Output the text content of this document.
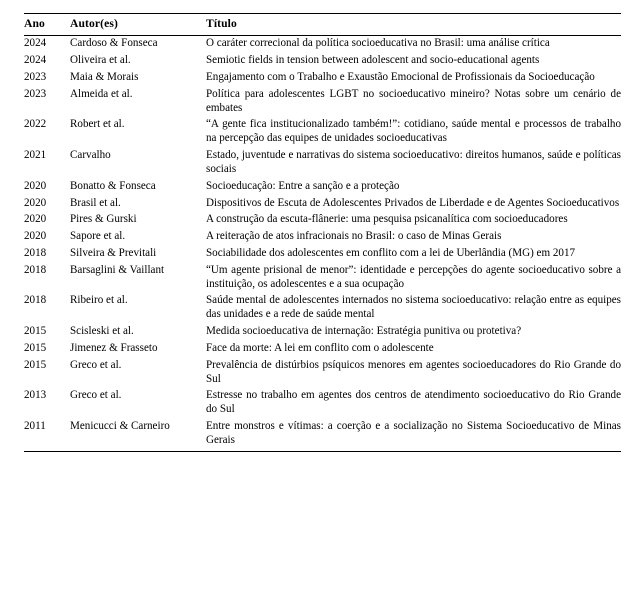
Ano	Autor(es)	Título
2024	Cardoso & Fonseca	O caráter correcional da política socioeducativa no Brasil: uma análise crítica
2024	Oliveira et al.	Semiotic fields in tension between adolescent and socio-educational agents
2023	Maia & Morais	Engajamento com o Trabalho e Exaustão Emocional de Profissionais da Socioeducação
2023	Almeida et al.	Política para adolescentes LGBT no socioeducativo mineiro? Notas sobre um cenário de embates
2022	Robert et al.	“A gente fica institucionalizado também!”: cotidiano, saúde mental e processos de trabalho na percepção das equipes de unidades socioeducativas
2021	Carvalho	Estado, juventude e narrativas do sistema socioeducativo: direitos humanos, saúde e políticas sociais
2020	Bonatto & Fonseca	Socioeducação: Entre a sanção e a proteção
2020	Brasil et al.	Dispositivos de Escuta de Adolescentes Privados de Liberdade e de Agentes Socioeducativos
2020	Pires & Gurski	A construção da escuta-flânerie: uma pesquisa psicanalítica com socioeducadores
2020	Sapore et al.	A reiteração de atos infracionais no Brasil: o caso de Minas Gerais
2018	Silveira & Previtali	Sociabilidade dos adolescentes em conflito com a lei de Uberlândia (MG) em 2017
2018	Barsaglini & Vaillant	“Um agente prisional de menor”: identidade e percepções do agente socioeducativo sobre a instituição, os adolescentes e a sua ocupação
2018	Ribeiro et al.	Saúde mental de adolescentes internados no sistema socioeducativo: relação entre as equipes das unidades e a rede de saúde mental
2015	Scisleski et al.	Medida socioeducativa de internação: Estratégia punitiva ou protetiva?
2015	Jimenez & Frasseto	Face da morte: A lei em conflito com o adolescente
2015	Greco et al.	Prevalência de distúrbios psíquicos menores em agentes socioeducadores do Rio Grande do Sul
2013	Greco et al.	Estresse no trabalho em agentes dos centros de atendimento socioeducativo do Rio Grande do Sul
2011	Menicucci & Carneiro	Entre monstros e vítimas: a coerção e a socialização no Sistema Socioeducativo de Minas Gerais
